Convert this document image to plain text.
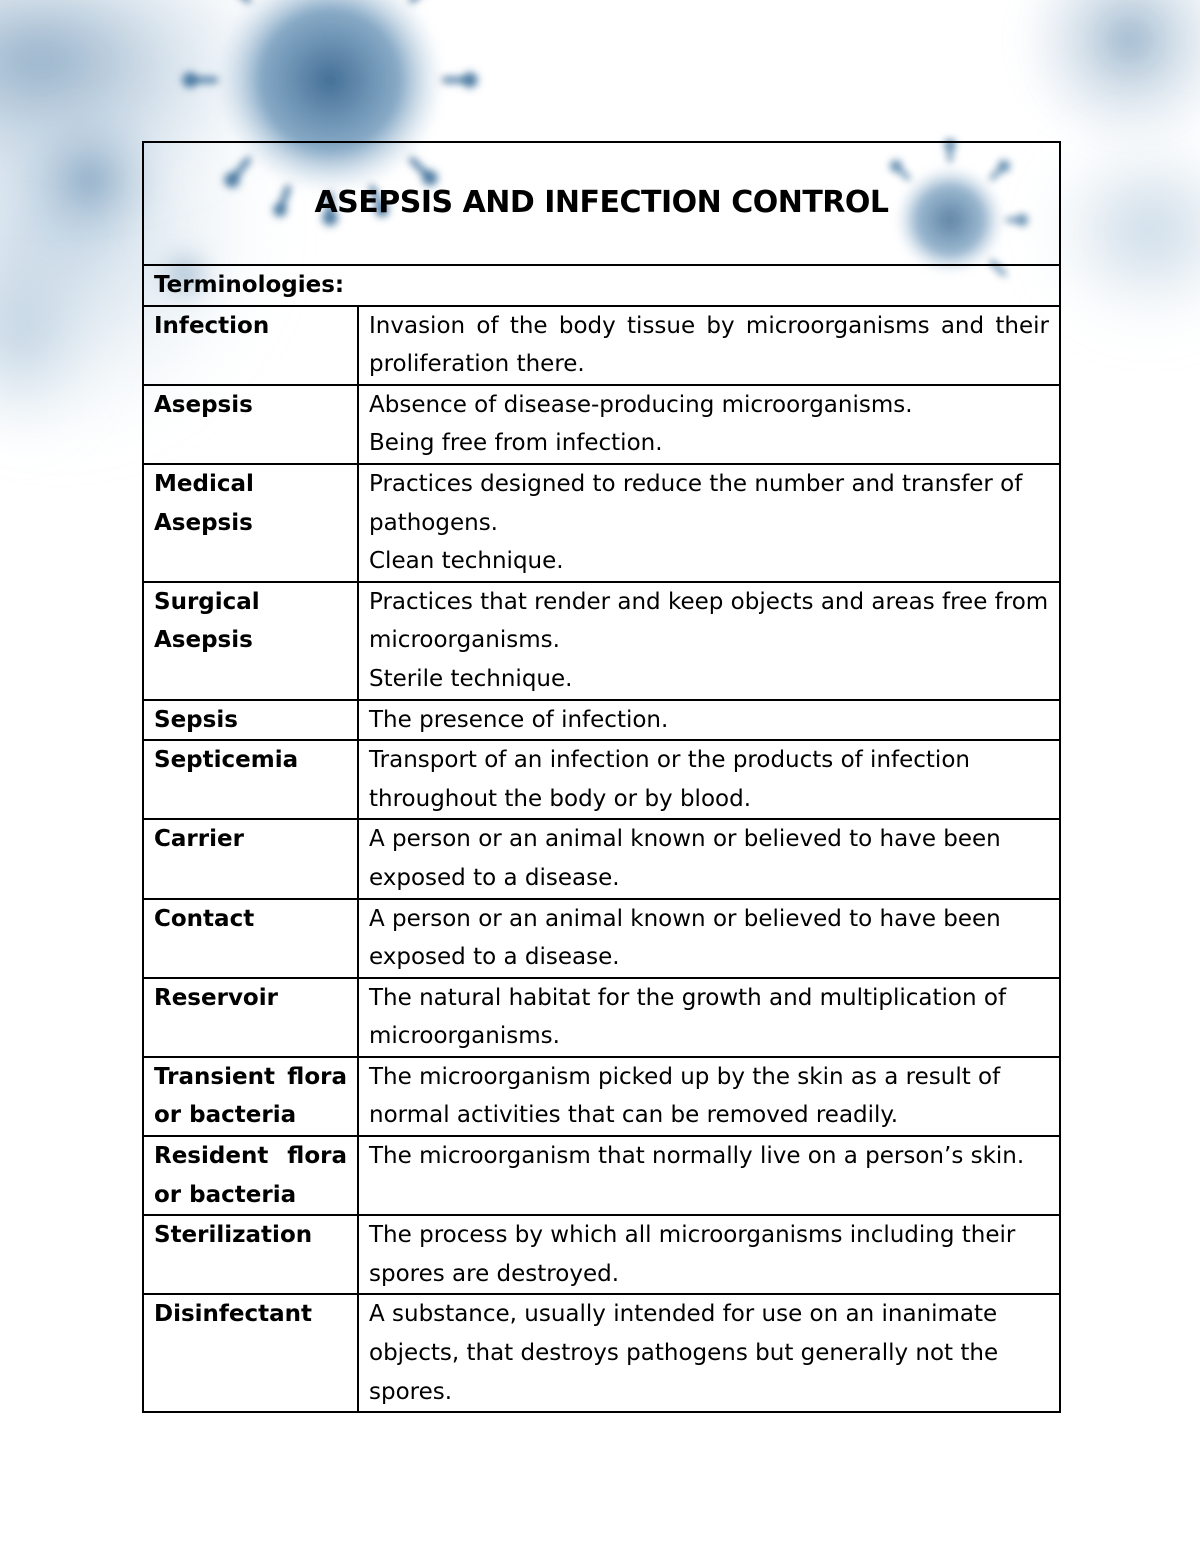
ASEPSIS AND INFECTION CONTROL	
Terminologies:	
Infection	Invasion of the body tissue by microorganisms and their proliferation there.

Asepsis	Absence of disease-producing microorganisms.
Being free from infection.

Medical Asepsis	Practices designed to reduce the number and transfer of pathogens.
Clean technique.

Surgical Asepsis	Practices that render and keep objects and areas free from microorganisms.
Sterile technique.

Sepsis	The presence of infection.

Septicemia	Transport of an infection or the products of infection throughout the body or by blood.

Carrier	A person or an animal known or believed to have been exposed to a disease.

Contact	A person or an animal known or believed to have been exposed to a disease.

Reservoir	The natural habitat for the growth and multiplication of microorganisms.

Transient flora or bacteria	The microorganism picked up by the skin as a result of normal activities that can be removed readily.

Resident flora or bacteria	The microorganism that normally live on a person’s skin.

Sterilization	The process by which all microorganisms including their spores are destroyed.

Disinfectant	A substance, usually intended for use on an inanimate objects, that destroys pathogens but generally not the spores.
